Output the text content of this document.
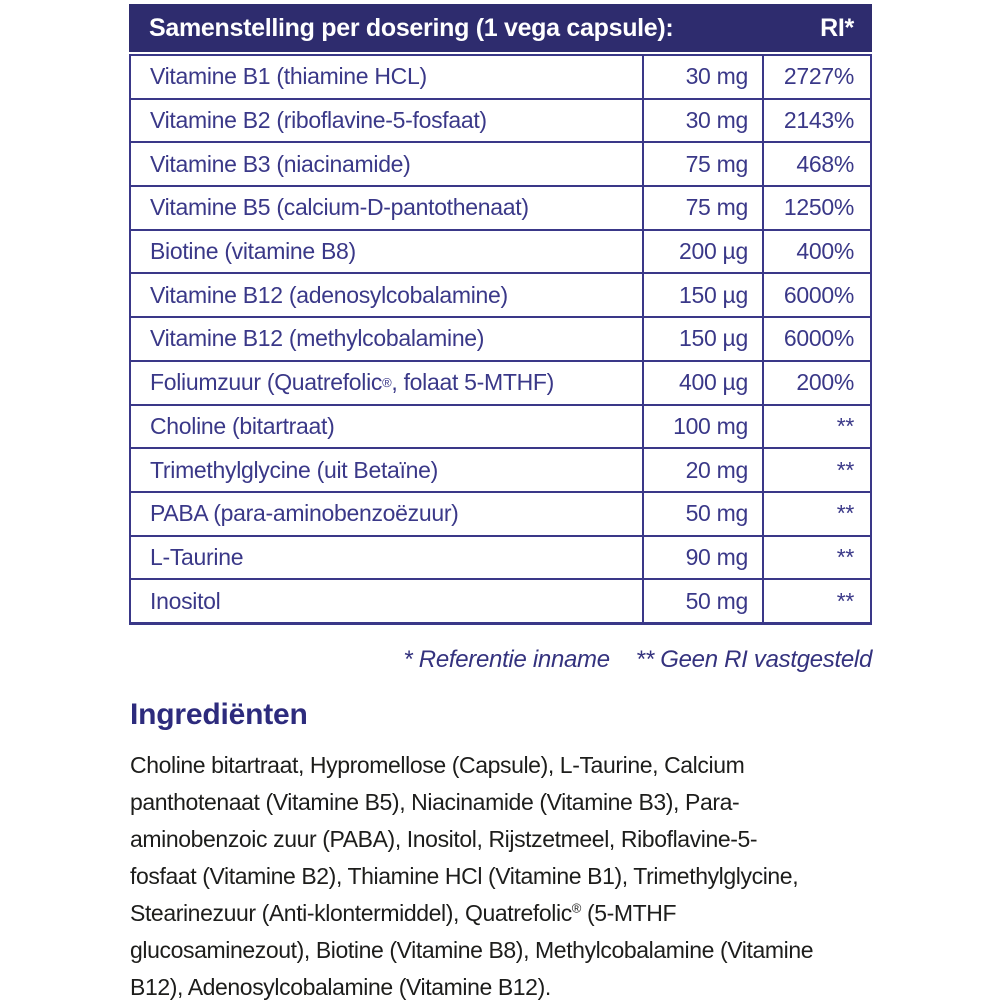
Samenstelling per dosering (1 vega capsule):	RI*
Vitamine B1 (thiamine HCL)	30 mg	2727%
Vitamine B2 (riboflavine-5-fosfaat)	30 mg	2143%
Vitamine B3 (niacinamide)	75 mg	468%
Vitamine B5 (calcium-D-pantothenaat)	75 mg	1250%
Biotine (vitamine B8)	200 µg	400%
Vitamine B12 (adenosylcobalamine)	150 µg	6000%
Vitamine B12 (methylcobalamine)	150 µg	6000%
Foliumzuur (Quatrefolic ® , folaat 5-MTHF)	400 µg	200%
Choline (bitartraat)	100 mg	**
Trimethylglycine (uit Betaïne)	20 mg	**
PABA (para-aminobenzoëzuur)	50 mg	**
L-Taurine	90 mg	**
Inositol	50 mg	**
* Referentie inname ** Geen RI vastgesteld
Ingrediënten
Choline bitartraat, Hypromellose (Capsule), L-Taurine, Calcium
panthotenaat (Vitamine B5), Niacinamide (Vitamine B3), Para-
aminobenzoic zuur (PABA), Inositol, Rijstzetmeel, Riboflavine-5-
fosfaat (Vitamine B2), Thiamine HCl (Vitamine B1), Trimethylglycine,
Stearinezuur (Anti-klontermiddel), Quatrefolic® (5-MTHF
glucosaminezout), Biotine (Vitamine B8), Methylcobalamine (Vitamine
B12), Adenosylcobalamine (Vitamine B12).
